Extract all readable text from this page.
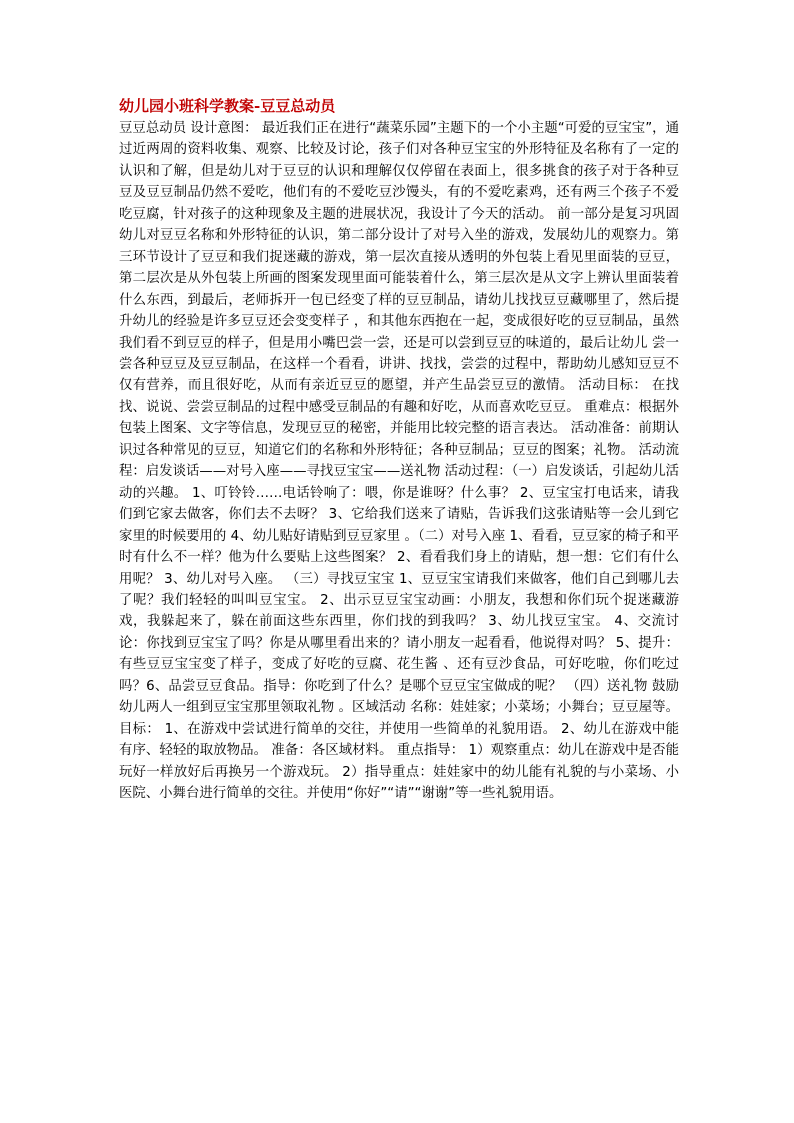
幼儿园小班科学教案-豆豆总动员

豆豆总动员 设计意图： 最近我们正在进行“蔬菜乐园”主题下的一个小主题“可爱的豆宝宝”，通过近两周的资料收集、观察、比较及讨论，孩子们对各种豆宝宝的外形特征及名称有了一定的认识和了解，但是幼儿对于豆豆的认识和理解仅仅停留在表面上，很多挑食的孩子对于各种豆豆及豆豆制品仍然不爱吃，他们有的不爱吃豆沙馒头，有的不爱吃素鸡，还有两三个孩子不爱吃豆腐，针对孩子的这种现象及主题的进展状况，我设计了今天的活动。 前一部分是复习巩固幼儿对豆豆名称和外形特征的认识，第二部分设计了对号入坐的游戏，发展幼儿的观察力。第三环节设计了豆豆和我们捉迷藏的游戏，第一层次直接从透明的外包装上看见里面装的豆豆，第二层次是从外包装上所画的图案发现里面可能装着什么，第三层次是从文字上辨认里面装着什么东西，到最后，老师拆开一包已经变了样的豆豆制品，请幼儿找找豆豆藏哪里了，然后提升幼儿的经验是许多豆豆还会变变样子 ，和其他东西抱在一起，变成很好吃的豆豆制品，虽然我们看不到豆豆的样子，但是用小嘴巴尝一尝，还是可以尝到豆豆的味道的，最后让幼儿 尝一尝各种豆豆及豆豆制品，在这样一个看看，讲讲、找找，尝尝的过程中，帮助幼儿感知豆豆不仅有营养，而且很好吃，从而有亲近豆豆的愿望，并产生品尝豆豆的激情。 活动目标： 在找找、说说、尝尝豆制品的过程中感受豆制品的有趣和好吃，从而喜欢吃豆豆。 重难点：根据外包装上图案、文字等信息，发现豆豆的秘密，并能用比较完整的语言表达。 活动准备：前期认识过各种常见的豆豆，知道它们的名称和外形特征；各种豆制品；豆豆的图案；礼物。 活动流程：启发谈话——对号入座——寻找豆宝宝——送礼物 活动过程：（一）启发谈话，引起幼儿活动的兴趣。 1、叮铃铃……电话铃响了：喂，你是谁呀？什么事？ 2、豆宝宝打电话来，请我们到它家去做客，你们去不去呀？ 3、它给我们送来了请贴，告诉我们这张请贴等一会儿到它家里的时候要用的 4、幼儿贴好请贴到豆豆家里 。（二）对号入座 1、看看，豆豆家的椅子和平时有什么不一样？他为什么要贴上这些图案？ 2、看看我们身上的请贴，想一想：它们有什么用呢？ 3、幼儿对号入座。 （三）寻找豆宝宝 1、豆豆宝宝请我们来做客，他们自己到哪儿去了呢？我们轻轻的叫叫豆宝宝。 2、出示豆豆宝宝动画：小朋友，我想和你们玩个捉迷藏游戏，我躲起来了，躲在前面这些东西里，你们找的到我吗？ 3、幼儿找豆宝宝。 4、交流讨论：你找到豆宝宝了吗？你是从哪里看出来的？请小朋友一起看看，他说得对吗？ 5、提升：有些豆豆宝宝变了样子，变成了好吃的豆腐、花生酱 、还有豆沙食品，可好吃啦，你们吃过吗？6、品尝豆豆食品。指导：你吃到了什么？是哪个豆豆宝宝做成的呢？ （四）送礼物 鼓励幼儿两人一组到豆宝宝那里领取礼物 。区域活动 名称：娃娃家；小菜场；小舞台；豆豆屋等。 目标： 1、在游戏中尝试进行简单的交往，并使用一些简单的礼貌用语。 2、幼儿在游戏中能有序、轻轻的取放物品。 准备：各区域材料。 重点指导： 1）观察重点：幼儿在游戏中是否能玩好一样放好后再换另一个游戏玩。 2）指导重点：娃娃家中的幼儿能有礼貌的与小菜场、小医院、小舞台进行简单的交往。并使用“你好”“请”“谢谢”等一些礼貌用语。
